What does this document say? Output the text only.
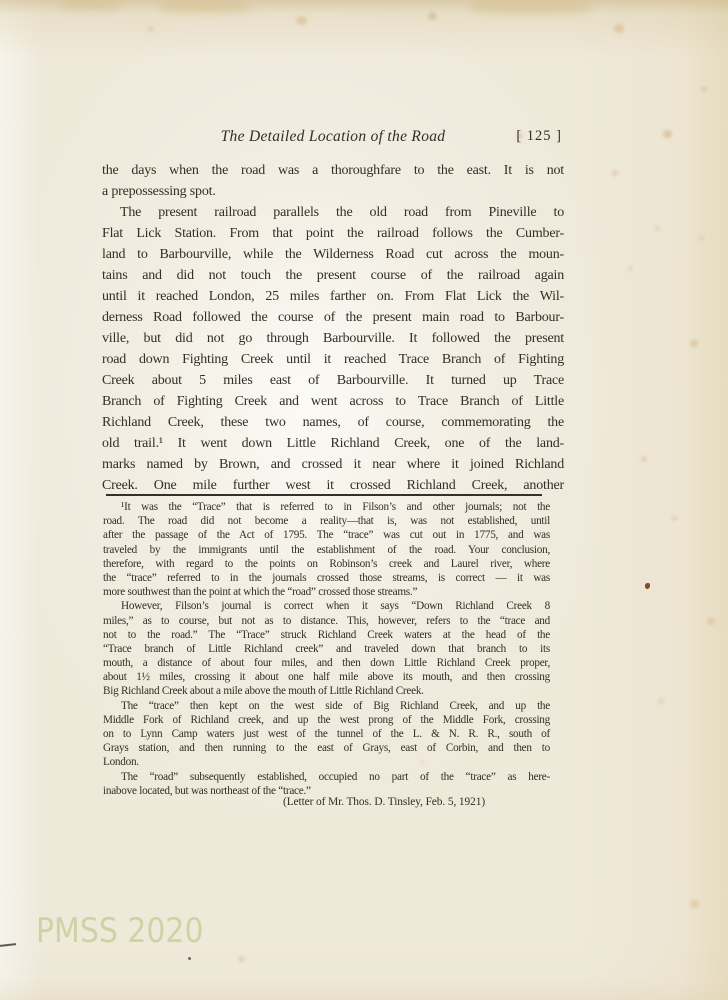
The Detailed Location of the Road	[ 125 ]
the days when the road was a thoroughfare to the east. It is not
a prepossessing spot.
The present railroad parallels the old road from Pineville to
Flat Lick Station. From that point the railroad follows the Cumber-
land to Barbourville, while the Wilderness Road cut across the moun-
tains and did not touch the present course of the railroad again
until it reached London, 25 miles farther on. From Flat Lick the Wil-
derness Road followed the course of the present main road to Barbour-
ville, but did not go through Barbourville. It followed the present
road down Fighting Creek until it reached Trace Branch of Fighting
Creek about 5 miles east of Barbourville. It turned up Trace
Branch of Fighting Creek and went across to Trace Branch of Little
Richland Creek, these two names, of course, commemorating the
old trail.¹ It went down Little Richland Creek, one of the land-
marks named by Brown, and crossed it near where it joined Richland
Creek. One mile further west it crossed Richland Creek, another
¹It was the “Trace” that is referred to in Filson’s and other journals; not the
road. The road did not become a reality—that is, was not established, until
after the passage of the Act of 1795. The “trace” was cut out in 1775, and was
traveled by the immigrants until the establishment of the road. Your conclusion,
therefore, with regard to the points on Robinson’s creek and Laurel river, where
the “trace” referred to in the journals crossed those streams, is correct — it was
more southwest than the point at which the “road” crossed those streams.”
However, Filson’s journal is correct when it says “Down Richland Creek 8
miles,” as to course, but not as to distance. This, however, refers to the “trace and
not to the road.” The “Trace” struck Richland Creek waters at the head of the
“Trace branch of Little Richland creek” and traveled down that branch to its
mouth, a distance of about four miles, and then down Little Richland Creek proper,
about 1½ miles, crossing it about one half mile above its mouth, and then crossing
Big Richland Creek about a mile above the mouth of Little Richland Creek.
The “trace” then kept on the west side of Big Richland Creek, and up the
Middle Fork of Richland creek, and up the west prong of the Middle Fork, crossing
on to Lynn Camp waters just west of the tunnel of the L. & N. R. R., south of
Grays station, and then running to the east of Grays, east of Corbin, and then to
London.
The “road” subsequently established, occupied no part of the “trace” as here-
inabove located, but was northeast of the “trace.”
(Letter of Mr. Thos. D. Tinsley, Feb. 5, 1921)
PMSS 2020
